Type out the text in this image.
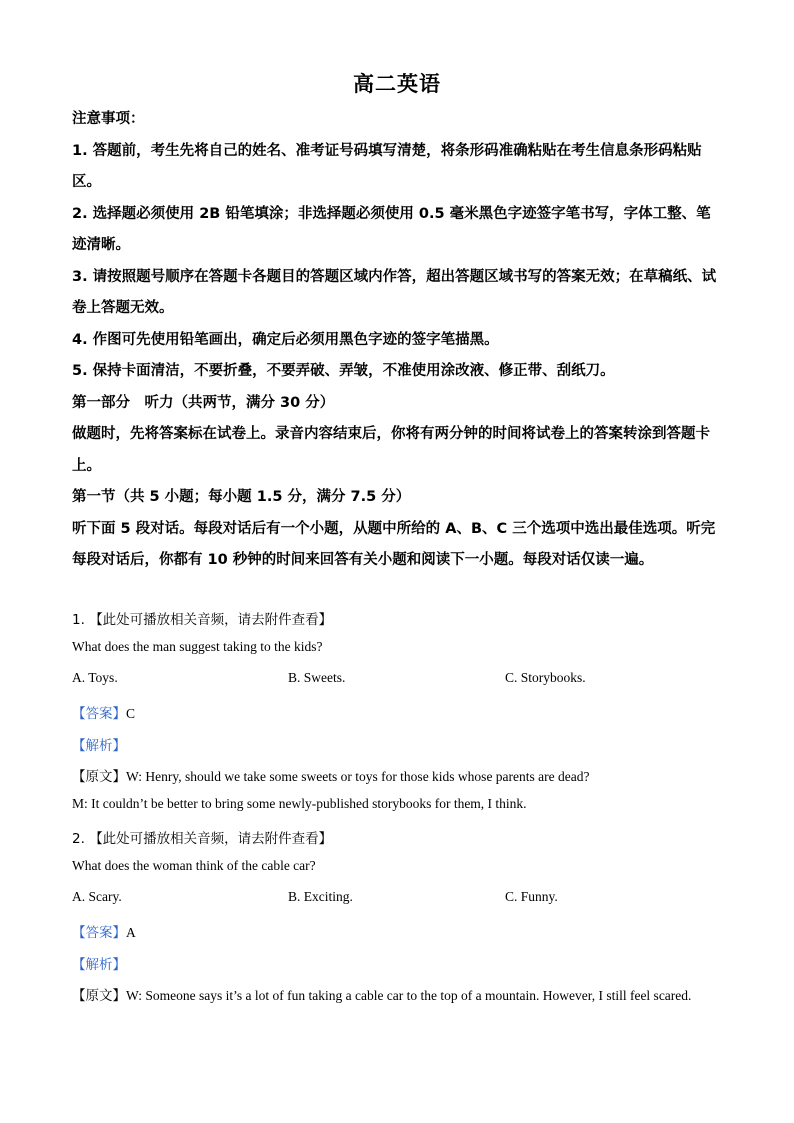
高二英语

注意事项：

1. 答题前，考生先将自己的姓名、准考证号码填写清楚，将条形码准确粘贴在考生信息条形码粘贴区。

2. 选择题必须使用 2B 铅笔填涂；非选择题必须使用 0.5 毫米黑色字迹签字笔书写，字体工整、笔迹清晰。

3. 请按照题号顺序在答题卡各题目的答题区域内作答，超出答题区域书写的答案无效；在草稿纸、试卷上答题无效。

4. 作图可先使用铅笔画出，确定后必须用黑色字迹的签字笔描黑。

5. 保持卡面清洁，不要折叠，不要弄破、弄皱，不准使用涂改液、修正带、刮纸刀。

第一部分　听力（共两节，满分 30 分）

做题时，先将答案标在试卷上。录音内容结束后，你将有两分钟的时间将试卷上的答案转涂到答题卡上。

第一节（共 5 小题；每小题 1.5 分，满分 7.5 分）

听下面 5 段对话。每段对话后有一个小题，从题中所给的 A、B、C 三个选项中选出最佳选项。听完每段对话后，你都有 10 秒钟的时间来回答有关小题和阅读下一小题。每段对话仅读一遍。

1. 【此处可播放相关音频，请去附件查看】
What does the man suggest taking to the kids?
A. Toys.	B. Sweets.	C. Storybooks.
【答案】C
【解析】
【原文】W: Henry, should we take some sweets or toys for those kids whose parents are dead?
M: It couldn’t be better to bring some newly-published storybooks for them, I think.
2. 【此处可播放相关音频，请去附件查看】
What does the woman think of the cable car?
A. Scary.	B. Exciting.	C. Funny.
【答案】A
【解析】
【原文】W: Someone says it’s a lot of fun taking a cable car to the top of a mountain. However, I still feel scared.
